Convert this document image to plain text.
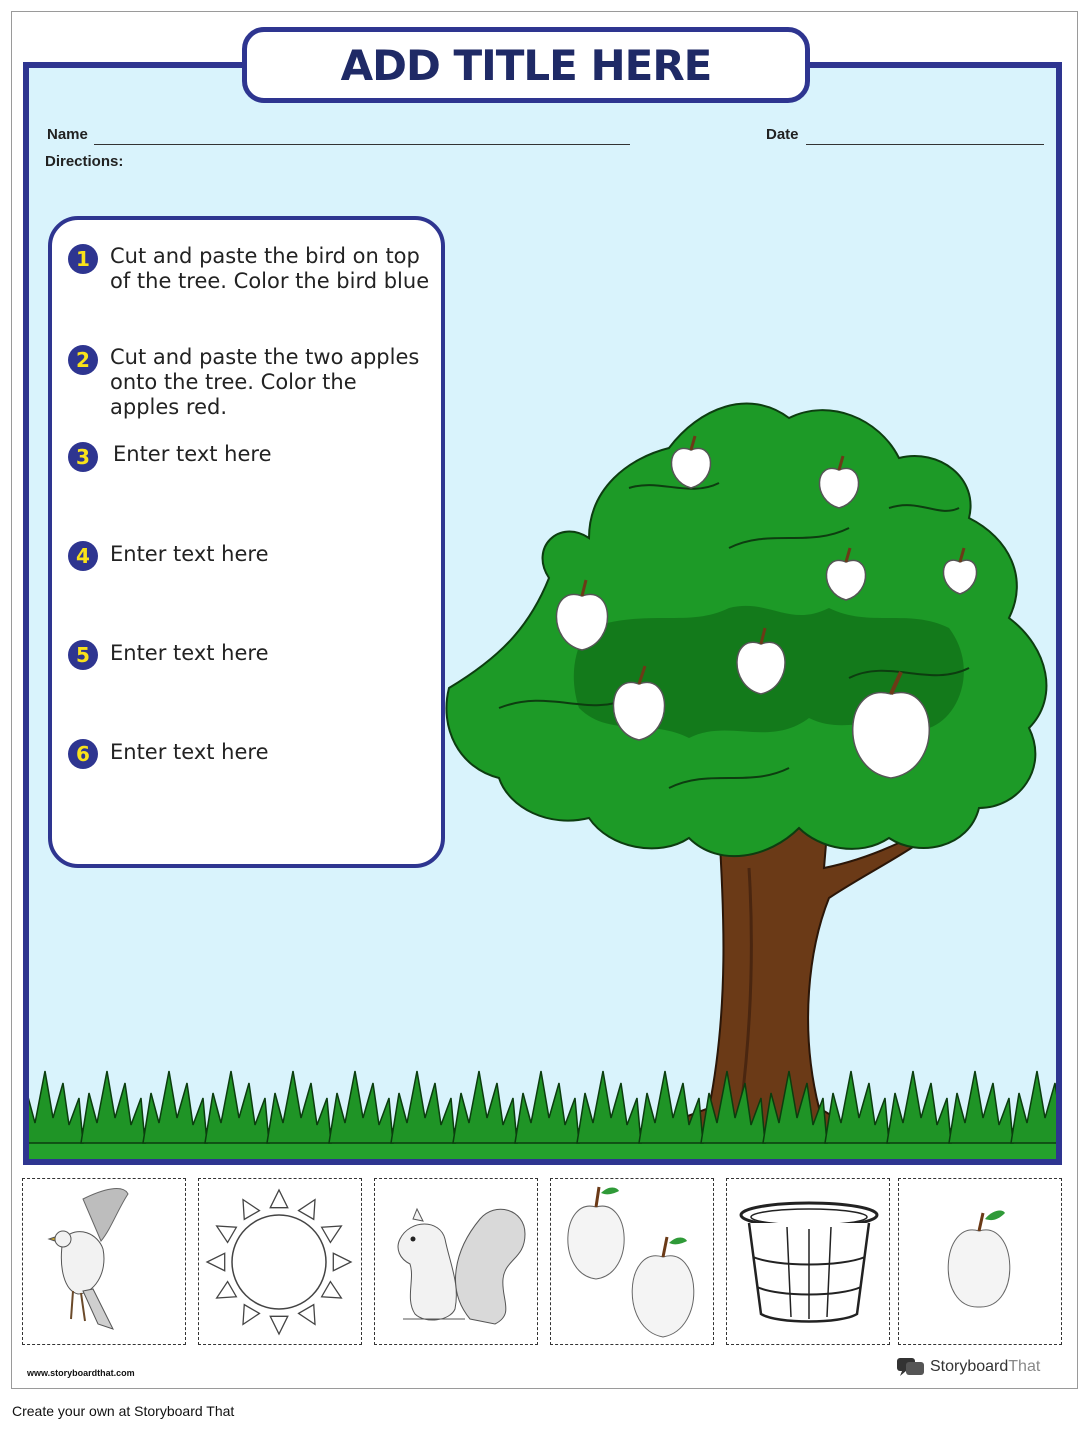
ADD TITLE HERE
Name	Date
Directions:
1 Cut and paste the bird on top of the tree. Color the bird blue
2 Cut and paste the two apples onto the tree. Color the apples red.
3	Enter text here
4 Enter text here
5 Enter text here
6 Enter text here
www.storyboardthat.com	Storyboard That
Create your own at Storyboard That
